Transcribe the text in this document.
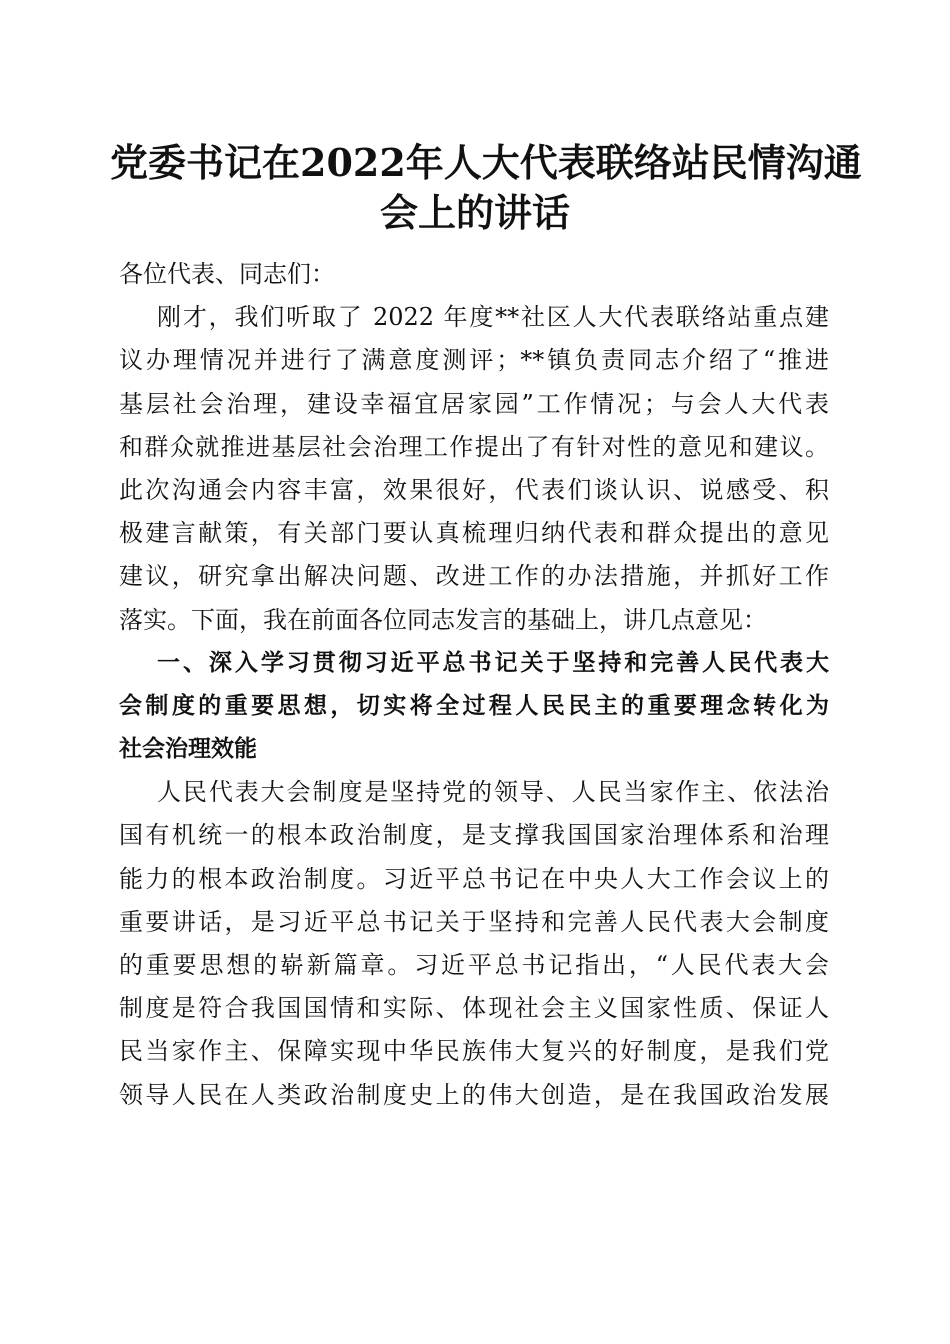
党委书记在2022年人大代表联络站民情沟通
会上的讲话
各位代表、同志们：
刚才，我们听取了 2022 年度**社区人大代表联络站重点建
议办理情况并进行了满意度测评；**镇负责同志介绍了“推进
基层社会治理，建设幸福宜居家园”工作情况；与会人大代表
和群众就推进基层社会治理工作提出了有针对性的意见和建议。
此次沟通会内容丰富，效果很好，代表们谈认识、说感受、积
极建言献策，有关部门要认真梳理归纳代表和群众提出的意见
建议，研究拿出解决问题、改进工作的办法措施，并抓好工作
落实。下面，我在前面各位同志发言的基础上，讲几点意见：
一、深入学习贯彻习近平总书记关于坚持和完善人民代表大
会制度的重要思想，切实将全过程人民民主的重要理念转化为
社会治理效能
人民代表大会制度是坚持党的领导、人民当家作主、依法治
国有机统一的根本政治制度，是支撑我国国家治理体系和治理
能力的根本政治制度。习近平总书记在中央人大工作会议上的
重要讲话，是习近平总书记关于坚持和完善人民代表大会制度
的重要思想的崭新篇章。习近平总书记指出，“人民代表大会
制度是符合我国国情和实际、体现社会主义国家性质、保证人
民当家作主、保障实现中华民族伟大复兴的好制度，是我们党
领导人民在人类政治制度史上的伟大创造，是在我国政治发展
